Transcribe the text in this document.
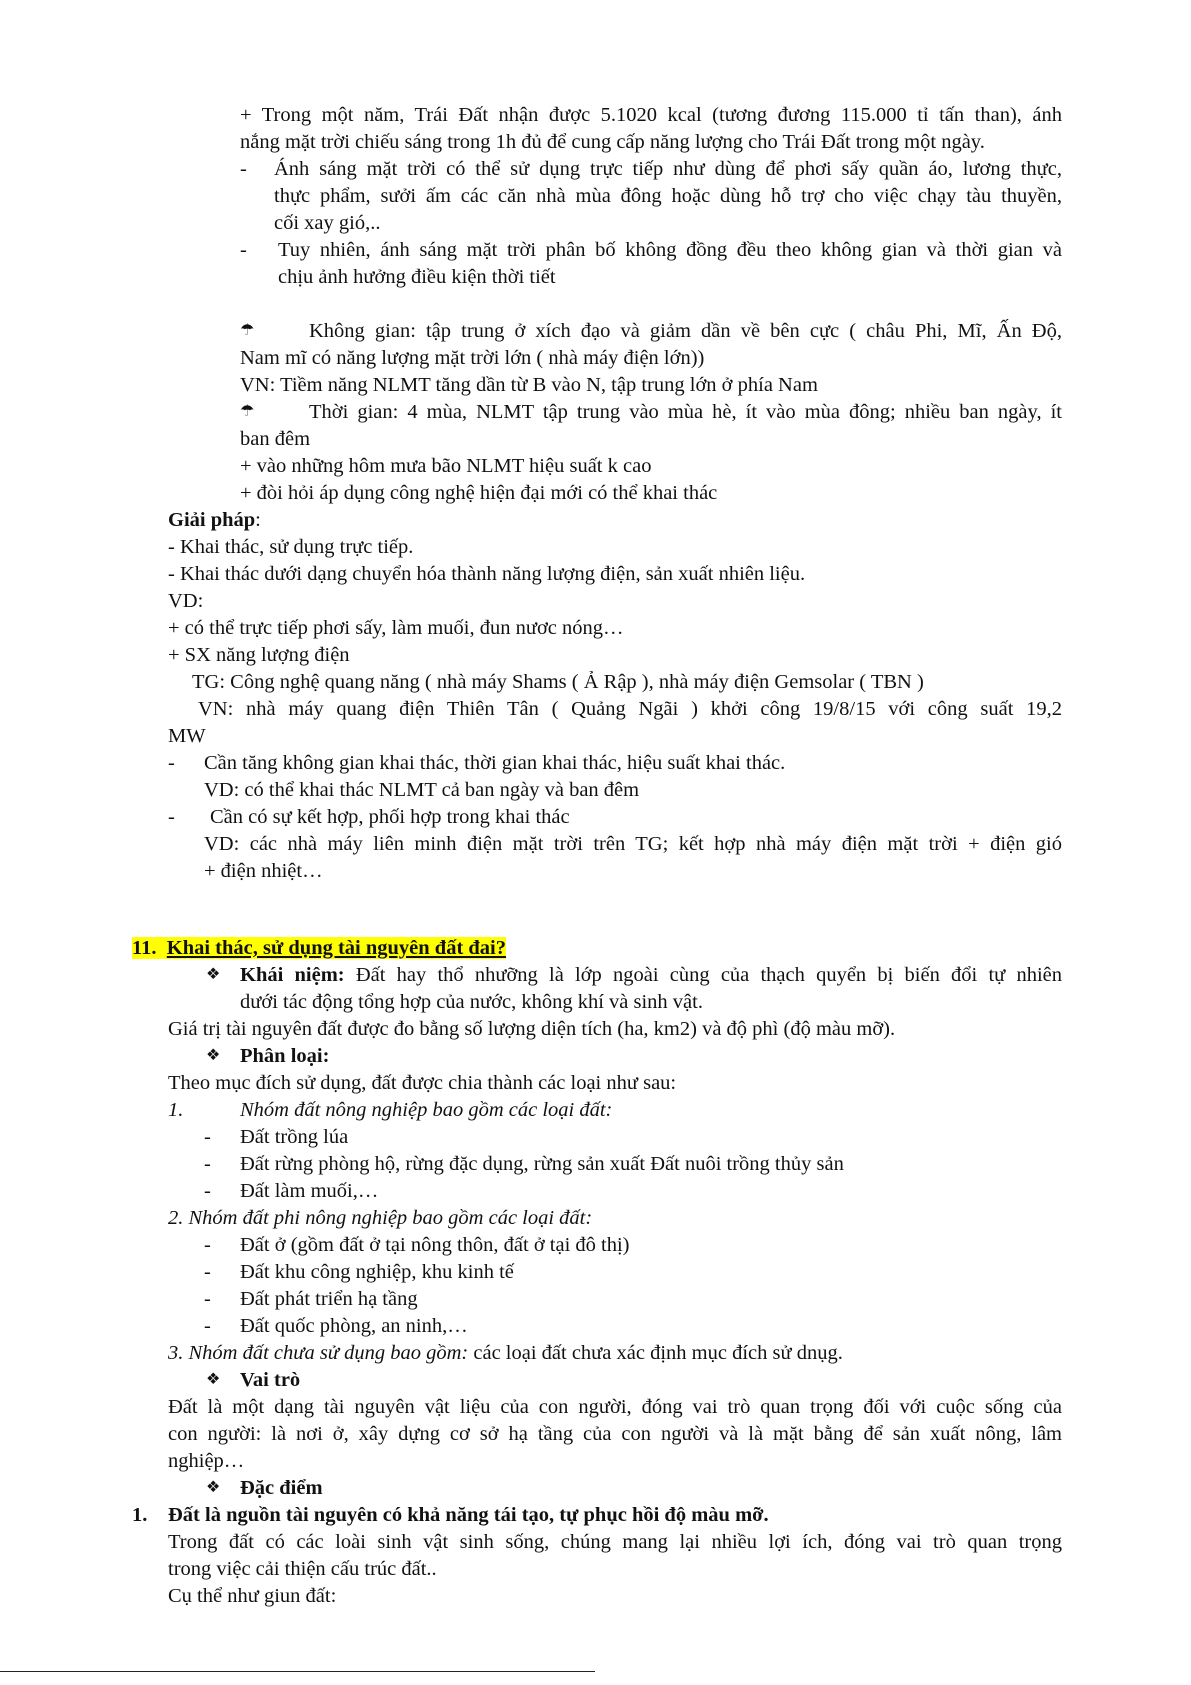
+ Trong một năm, Trái Đất nhận được 5.1020 kcal (tương đương 115.000 tỉ tấn than), ánh
nắng mặt trời chiếu sáng trong 1h đủ để cung cấp năng lượng cho Trái Đất trong một ngày.
- Ánh sáng mặt trời có thể sử dụng trực tiếp như dùng để phơi sấy quần áo, lương thực,
thực phẩm, sưởi ấm các căn nhà mùa đông hoặc dùng hỗ trợ cho việc chạy tàu thuyền,
cối xay gió,..
- Tuy nhiên, ánh sáng mặt trời phân bố không đồng đều theo không gian và thời gian và
chịu ảnh hưởng điều kiện thời tiết
☂	Không gian: tập trung ở xích đạo và giảm dần về bên cực ( châu Phi, Mĩ, Ấn Độ,
Nam mĩ có năng lượng mặt trời lớn ( nhà máy điện lớn))
VN: Tiềm năng NLMT tăng dần từ B vào N, tập trung lớn ở phía Nam
☂	Thời gian: 4 mùa, NLMT tập trung vào mùa hè, ít vào mùa đông; nhiều ban ngày, ít
ban đêm
+ vào những hôm mưa bão NLMT hiệu suất k cao
+ đòi hỏi áp dụng công nghệ hiện đại mới có thể khai thác
Giải pháp:
- Khai thác, sử dụng trực tiếp.
- Khai thác dưới dạng chuyển hóa thành năng lượng điện, sản xuất nhiên liệu.
VD:
+ có thể trực tiếp phơi sấy, làm muối, đun nươc nóng…
+ SX năng lượng điện
TG: Công nghệ quang năng ( nhà máy Shams ( Ả Rập ), nhà máy điện Gemsolar ( TBN )
VN: nhà máy quang điện Thiên Tân ( Quảng Ngãi ) khởi công 19/8/15 với công suất 19,2
MW
- Cần tăng không gian khai thác, thời gian khai thác, hiệu suất khai thác.
VD: có thể khai thác NLMT cả ban ngày và ban đêm
- Cần có sự kết hợp, phối hợp trong khai thác
VD: các nhà máy liên minh điện mặt trời trên TG; kết hợp nhà máy điện mặt trời + điện gió
+ điện nhiệt…
11. Khai thác, sử dụng tài nguyên đất đai?
❖ Khái niệm: Đất hay thổ nhưỡng là lớp ngoài cùng của thạch quyển bị biến đổi tự nhiên
dưới tác động tổng hợp của nước, không khí và sinh vật.
Giá trị tài nguyên đất được đo bằng số lượng diện tích (ha, km2) và độ phì (độ màu mỡ).
❖ Phân loại:
Theo mục đích sử dụng, đất được chia thành các loại như sau:
1.	Nhóm đất nông nghiệp bao gồm các loại đất:
- Đất trồng lúa
- Đất rừng phòng hộ, rừng đặc dụng, rừng sản xuất Đất nuôi trồng thủy sản
- Đất làm muối,…
2. Nhóm đất phi nông nghiệp bao gồm các loại đất:
- Đất ở (gồm đất ở tại nông thôn, đất ở tại đô thị)
- Đất khu công nghiệp, khu kinh tế
- Đất phát triển hạ tầng
- Đất quốc phòng, an ninh,…
3. Nhóm đất chưa sử dụng bao gồm: các loại đất chưa xác định mục đích sử dnụg.
❖ Vai trò
Đất là một dạng tài nguyên vật liệu của con người, đóng vai trò quan trọng đối với cuộc sống của
con người: là nơi ở, xây dựng cơ sở hạ tầng của con người và là mặt bằng để sản xuất nông, lâm
nghiệp…
❖ Đặc điểm
1. Đất là nguồn tài nguyên có khả năng tái tạo, tự phục hồi độ màu mỡ.
Trong đất có các loài sinh vật sinh sống, chúng mang lại nhiều lợi ích, đóng vai trò quan trọng
trong việc cải thiện cấu trúc đất..
Cụ thể như giun đất:
